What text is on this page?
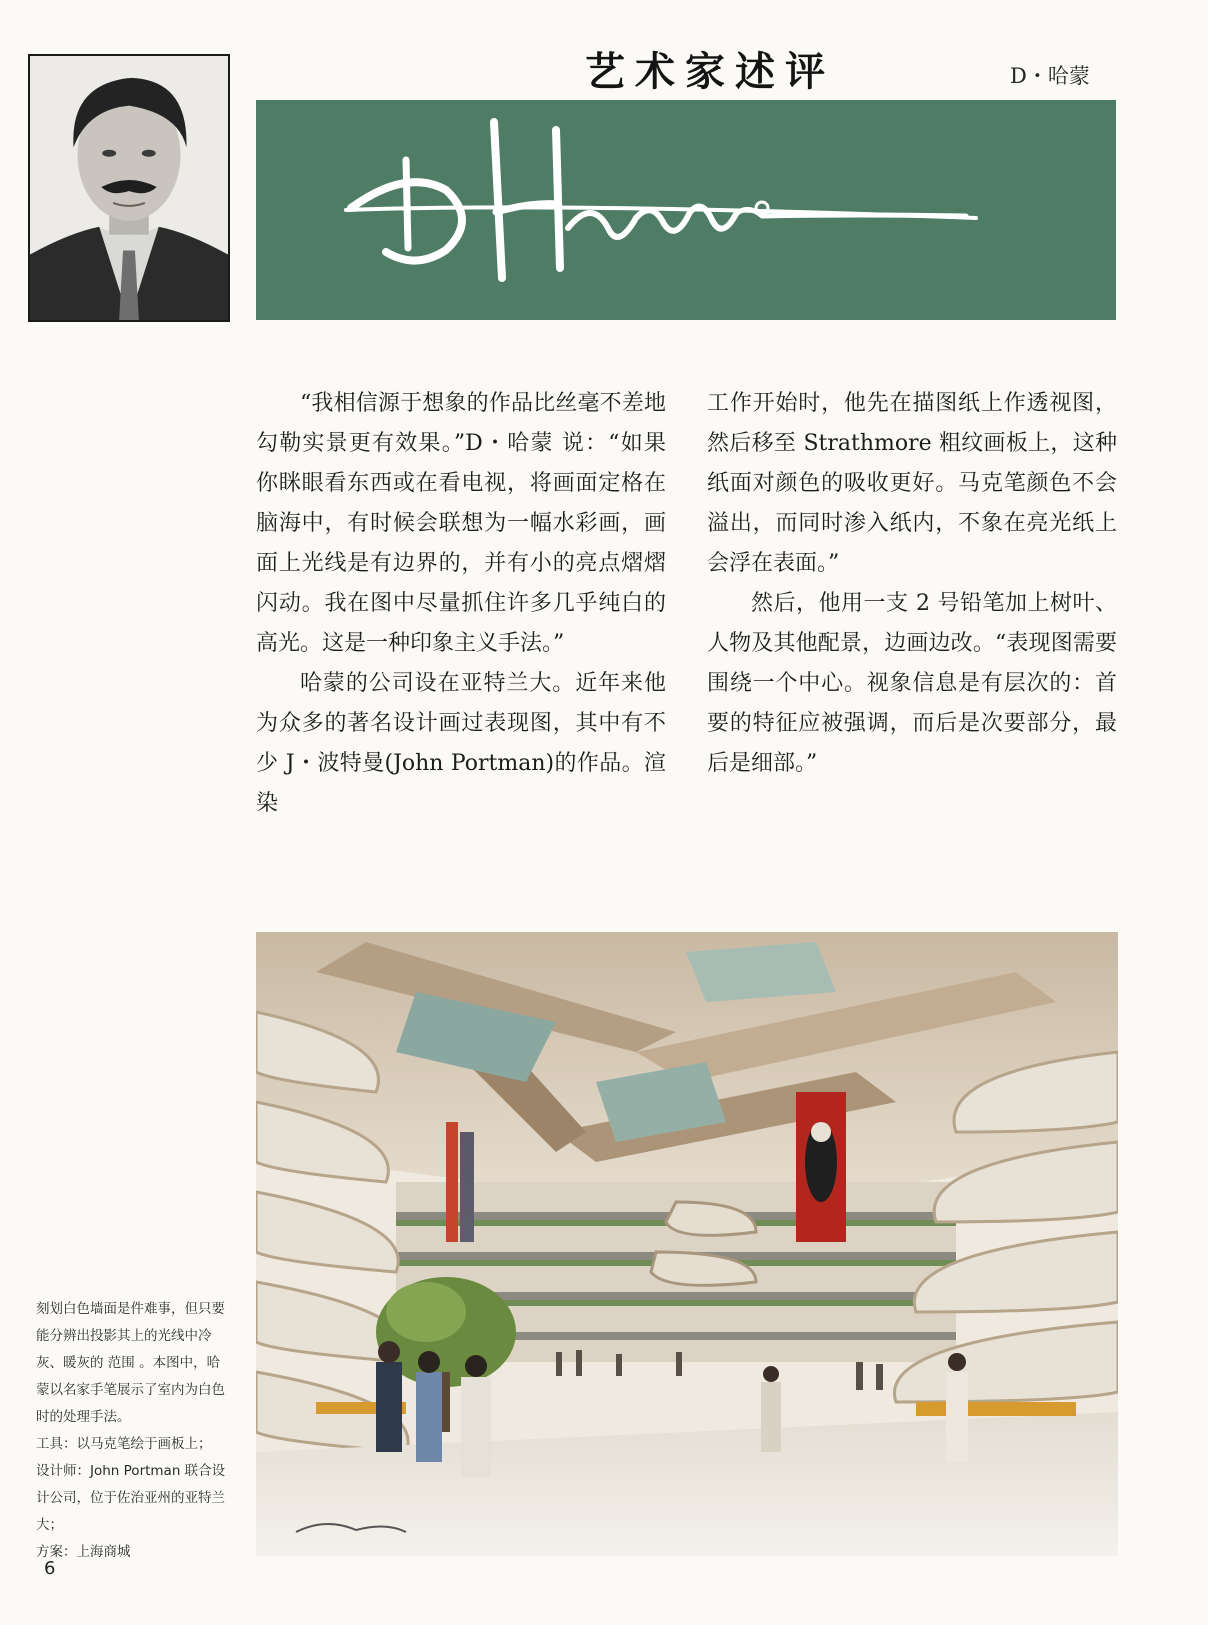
艺术家述评	D・哈蒙

“我相信源于想象的作品比丝毫不差地勾勒实景更有效果。”D・哈蒙 说：“如果你眯眼看东西或在看电视，将画面定格在脑海中，有时候会联想为一幅水彩画，画面上光线是有边界的，并有小的亮点熠熠闪动。我在图中尽量抓住许多几乎纯白的高光。这是一种印象主义手法。”

哈蒙的公司设在亚特兰大。近年来他为众多的著名设计画过表现图，其中有不少 J・波特曼(John Portman)的作品。渲染

工作开始时，他先在描图纸上作透视图，然后移至 Strathmore 粗纹画板上，这种纸面对颜色的吸收更好。马克笔颜色不会溢出，而同时渗入纸内，不象在亮光纸上会浮在表面。”

然后，他用一支 2 号铅笔加上树叶、人物及其他配景，边画边改。“表现图需要围绕一个中心。视象信息是有层次的：首要的特征应被强调，而后是次要部分，最后是细部。”

刻划白色墙面是件难事，但只要能分辨出投影其上的光线中冷灰、暖灰的 范围 。本图中，哈蒙以名家手笔展示了室内为白色时的处理手法。
工具：以马克笔绘于画板上；
设计师：John Portman 联合设计公司，位于佐治亚州的亚特兰大；
方案：上海商城
6
